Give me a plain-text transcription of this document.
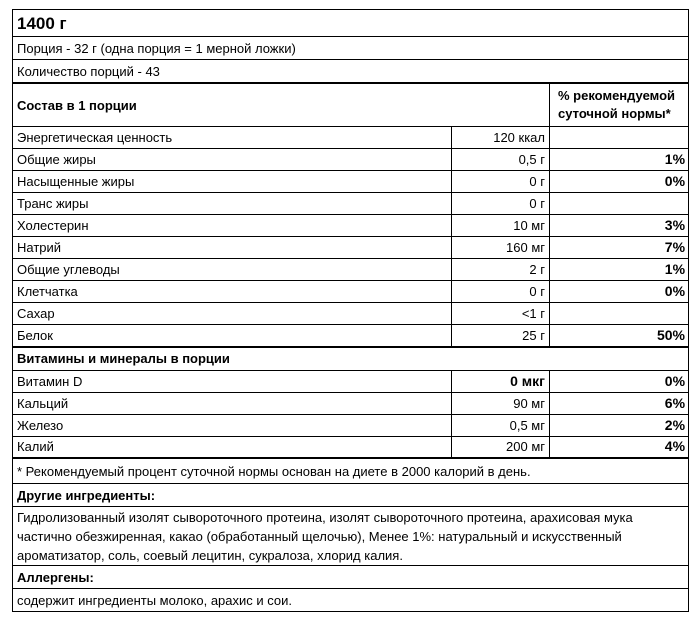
1400 г		
Порция - 32 г (одна порция = 1 мерной ложки)		
Количество порций - 43		
Состав в 1 порции		% рекомендуемой
суточной нормы*

Энергетическая ценность	120 ккал	
Общие жиры	0,5 г	1%
Насыщенные жиры	0 г	0%
Транс жиры	0 г	
Холестерин	10 мг	3%
Натрий	160 мг	7%
Общие углеводы	2 г	1%
Клетчатка	0 г	0%
Сахар	<1 г	
Белок	25 г	50%
Витамины и минералы в порции		
Витамин D	0 мкг	0%
Кальций	90 мг	6%
Железо	0,5 мг	2%
Калий	200 мг	4%
* Рекомендуемый процент суточной нормы основан на диете в 2000 калорий в день.		
Другие ингредиенты:		

Гидролизованный изолят сывороточного протеина, изолят сывороточного протеина, арахисовая мука
частично обезжиренная, какао (обработанный щелочью), Менее 1%: натуральный и искусственный
ароматизатор, соль, соевый лецитин, сукралоза, хлорид калия.		

Аллергены:		
содержит ингредиенты молоко, арахис и сои.		
